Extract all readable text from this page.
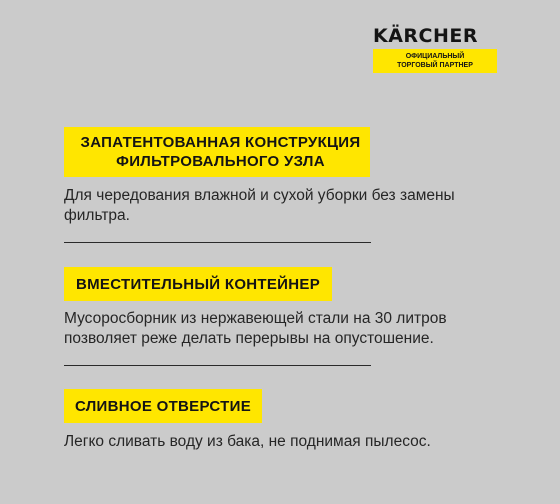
KÄRCHER
ОФИЦИАЛЬНЫЙ
ТОРГОВЫЙ ПАРТНЕР
ЗАПАТЕНТОВАННАЯ КОНСТРУКЦИЯ
ФИЛЬТРОВАЛЬНОГО УЗЛА
Для чередования влажной и сухой уборки без замены
фильтра.
ВМЕСТИТЕЛЬНЫЙ КОНТЕЙНЕР
Мусоросборник из нержавеющей стали на 30 литров
позволяет реже делать перерывы на опустошение.
СЛИВНОЕ ОТВЕРСТИЕ
Легко сливать воду из бака, не поднимая пылесос.
